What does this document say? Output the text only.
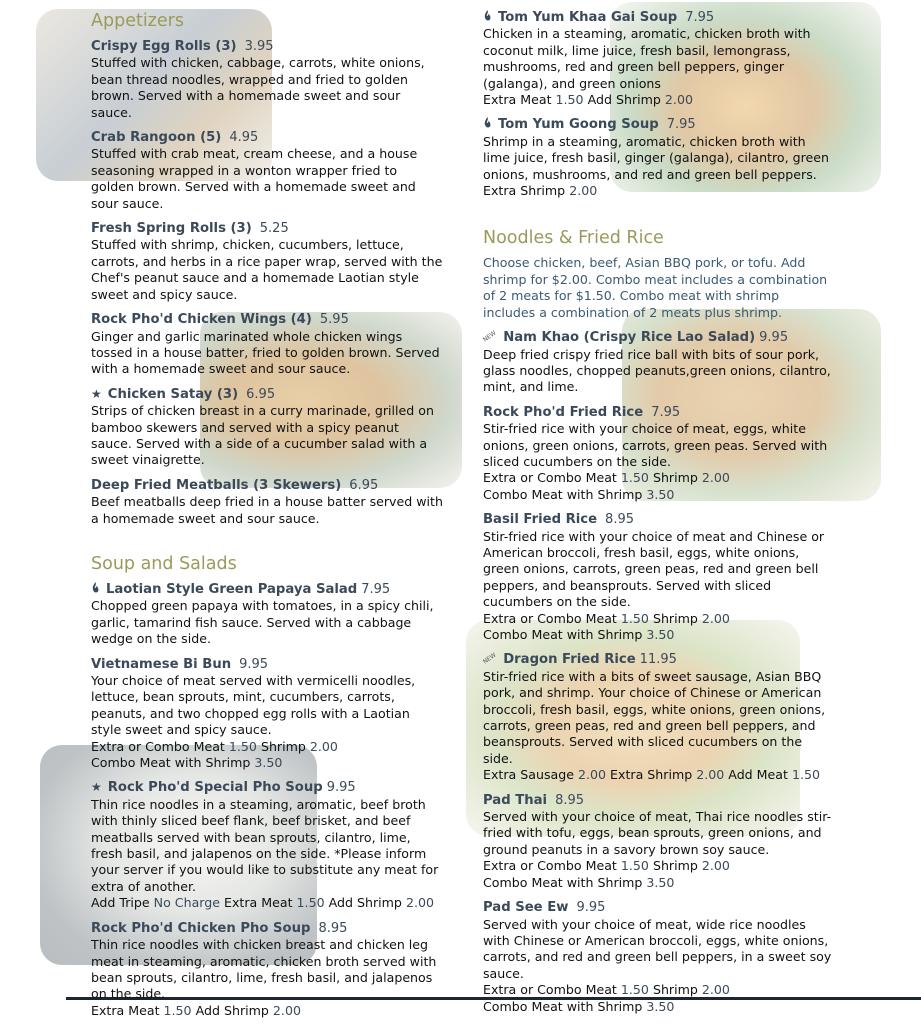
Appetizers
Crispy Egg Rolls (3) 3.95

Stuffed with chicken, cabbage, carrots, white onions, bean thread noodles, wrapped and fried to golden brown. Served with a homemade sweet and sour sauce.

Crab Rangoon (5) 4.95

Stuffed with crab meat, cream cheese, and a house seasoning wrapped in a wonton wrapper fried to golden brown. Served with a homemade sweet and sour sauce.

Fresh Spring Rolls (3) 5.25

Stuffed with shrimp, chicken, cucumbers, lettuce, carrots, and herbs in a rice paper wrap, served with the Chef's peanut sauce and a homemade Laotian style sweet and spicy sauce.

Rock Pho'd Chicken Wings (4) 5.95

Ginger and garlic marinated whole chicken wings tossed in a house batter, fried to golden brown. Served with a homemade sweet and sour sauce.

★ Chicken Satay (3) 6.95

Strips of chicken breast in a curry marinade, grilled on bamboo skewers and served with a spicy peanut sauce. Served with a side of a cucumber salad with a sweet vinaigrette.

Deep Fried Meatballs (3 Skewers) 6.95

Beef meatballs deep fried in a house batter served with a homemade sweet and sour sauce.

Soup and Salads
Laotian Style Green Papaya Salad 7.95

Chopped green papaya with tomatoes, in a spicy chili, garlic, tamarind fish sauce. Served with a cabbage wedge on the side.

Vietnamese Bi Bun 9.95

Your choice of meat served with vermicelli noodles, lettuce, bean sprouts, mint, cucumbers, carrots, peanuts, and two chopped egg rolls with a Laotian style sweet and spicy sauce.

Extra or Combo Meat 1.50 Shrimp 2.00
Combo Meat with Shrimp 3.50
★ Rock Pho'd Special Pho Soup 9.95

Thin rice noodles in a steaming, aromatic, beef broth with thinly sliced beef flank, beef brisket, and beef meatballs served with bean sprouts, cilantro, lime, fresh basil, and jalapenos on the side. *Please inform your server if you would like to substitute any meat for extra of another.

Add Tripe No Charge Extra Meat 1.50 Add Shrimp 2.00
Rock Pho'd Chicken Pho Soup 8.95

Thin rice noodles with chicken breast and chicken leg meat in steaming, aromatic, chicken broth served with bean sprouts, cilantro, lime, fresh basil, and jalapenos on the side.

Extra Meat 1.50 Add Shrimp 2.00
Tom Yum Khaa Gai Soup 7.95

Chicken in a steaming, aromatic, chicken broth with coconut milk, lime juice, fresh basil, lemongrass, mushrooms, red and green bell peppers, ginger (galanga), and green onions

Extra Meat 1.50 Add Shrimp 2.00
Tom Yum Goong Soup 7.95

Shrimp in a steaming, aromatic, chicken broth with lime juice, fresh basil, ginger (galanga), cilantro, green onions, mushrooms, and red and green bell peppers.

Extra Shrimp 2.00
Noodles & Fried Rice
Choose chicken, beef, Asian BBQ pork, or tofu. Add shrimp for $2.00. Combo meat includes a combination of 2 meats for $1.50. Combo meat with shrimp includes a combination of 2 meats plus shrimp.
NEW Nam Khao (Crispy Rice Lao Salad) 9.95

Deep fried crispy fried rice ball with bits of sour pork, glass noodles, chopped peanuts,green onions, cilantro, mint, and lime.

Rock Pho'd Fried Rice 7.95

Stir-fried rice with your choice of meat, eggs, white onions, green onions, carrots, green peas. Served with sliced cucumbers on the side.

Extra or Combo Meat 1.50 Shrimp 2.00
Combo Meat with Shrimp 3.50
Basil Fried Rice 8.95

Stir-fried rice with your choice of meat and Chinese or American broccoli, fresh basil, eggs, white onions, green onions, carrots, green peas, red and green bell peppers, and beansprouts. Served with sliced cucumbers on the side.

Extra or Combo Meat 1.50 Shrimp 2.00
Combo Meat with Shrimp 3.50
NEW Dragon Fried Rice 11.95

Stir-fried rice with a bits of sweet sausage, Asian BBQ pork, and shrimp. Your choice of Chinese or American broccoli, fresh basil, eggs, white onions, green onions, carrots, green peas, red and green bell peppers, and beansprouts. Served with sliced cucumbers on the side.

Extra Sausage 2.00 Extra Shrimp 2.00 Add Meat 1.50
Pad Thai 8.95

Served with your choice of meat, Thai rice noodles stir-fried with tofu, eggs, bean sprouts, green onions, and ground peanuts in a savory brown soy sauce.

Extra or Combo Meat 1.50 Shrimp 2.00
Combo Meat with Shrimp 3.50
Pad See Ew 9.95

Served with your choice of meat, wide rice noodles with Chinese or American broccoli, eggs, white onions, carrots, and red and green bell peppers, in a sweet soy sauce.

Extra or Combo Meat 1.50 Shrimp 2.00
Combo Meat with Shrimp 3.50
